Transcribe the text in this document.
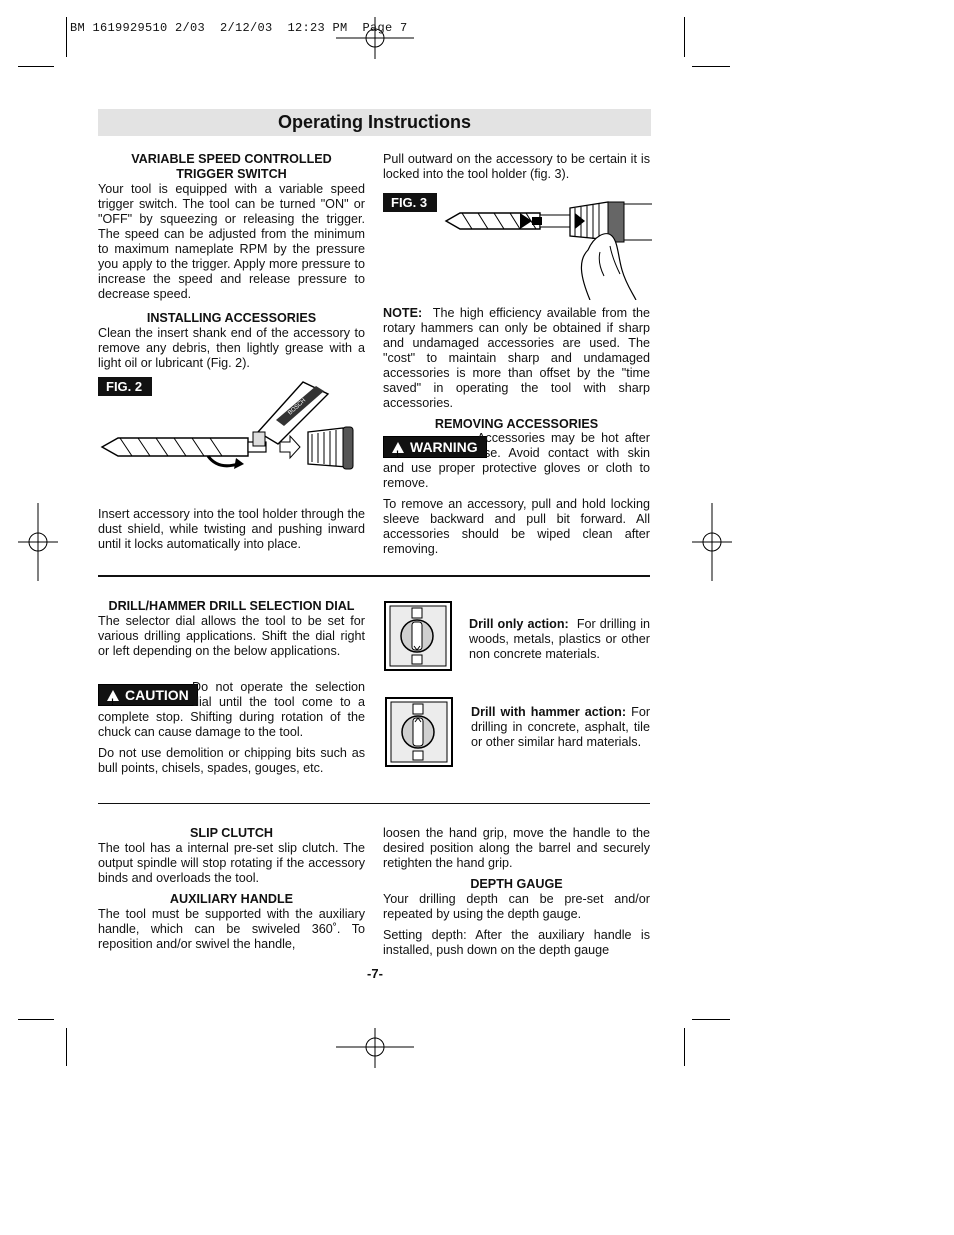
BM 1619929510 2/03  2/12/03  12:23 PM  Page 7
Operating Instructions
VARIABLE SPEED CONTROLLED
TRIGGER SWITCH

Your tool is equipped with a variable speed trigger switch. The tool can be turned "ON" or "OFF" by squeezing or releasing the trigger. The speed can be adjusted from the minimum to maximum nameplate RPM by the pressure you apply to the trigger. Apply more pressure to increase the speed and release pressure to decrease speed.

INSTALLING ACCESSORIES

Clean the insert shank end of the accessory to remove any debris, then lightly grease with a light oil or lubricant (Fig. 2).

FIG. 2
BOSCH
Insert accessory into the tool holder through the dust shield, while twisting and pushing inward until it locks automatically into place.
Pull outward on the accessory to be certain it is locked into the tool holder (fig. 3).
FIG. 3

NOTE: The high efficiency available from the rotary hammers can only be obtained if sharp and undamaged accessories are used. The "cost" to maintain sharp and undamaged accessories is more than offset by the "time saved" in operating the tool with sharp accessories.

REMOVING ACCESSORIES
! WARNING

Accessories may be hot after use. Avoid contact with skin and use proper protective gloves or cloth to remove.

To remove an accessory, pull and hold locking sleeve backward and pull bit forward. All accessories should be wiped clean after removing.

DRILL/HAMMER DRILL SELECTION DIAL

The selector dial allows the tool to be set for various drilling applications. Shift the dial right or left depending on the below applications.

! CAUTION Do not operate the selection dial until the tool come to a complete stop. Shifting during rotation of the chuck can cause damage to the tool.

Do not use demolition or chipping bits such as bull points, chisels, spades, gouges, etc.

Drill only action: For drilling in woods, metals, plastics or other non concrete materials.
Drill with hammer action: For drilling in concrete, asphalt, tile or other similar hard materials.
SLIP CLUTCH

The tool has a internal pre-set slip clutch. The output spindle will stop rotating if the accessory binds and overloads the tool.

AUXILIARY HANDLE

The tool must be supported with the auxiliary handle, which can be swiveled 360˚. To reposition and/or swivel the handle,

loosen the hand grip, move the handle to the desired position along the barrel and securely retighten the hand grip.

DEPTH GAUGE

Your drilling depth can be pre-set and/or repeated by using the depth gauge.

Setting depth: After the auxiliary handle is installed, push down on the depth gauge

-7-
